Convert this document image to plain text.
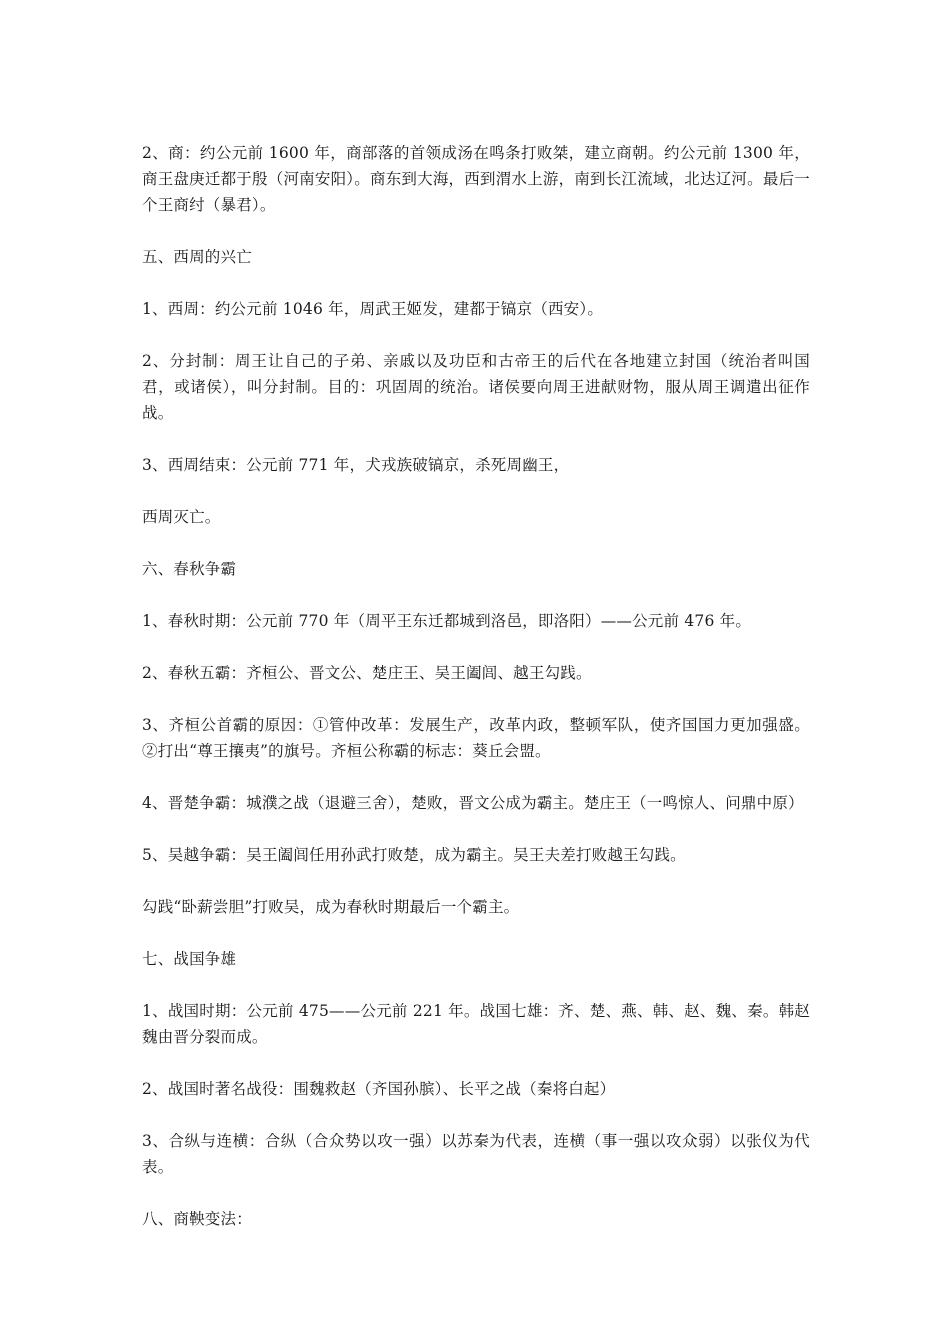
2、商：约公元前 1600 年，商部落的首领成汤在鸣条打败桀，建立商朝。约公元前 1300 年，商王盘庚迁都于殷（河南安阳）。商东到大海，西到渭水上游，南到长江流域，北达辽河。最后一个王商纣（暴君）。

五、西周的兴亡

1、西周：约公元前 1046 年，周武王姬发，建都于镐京（西安）。

2、分封制：周王让自己的子弟、亲戚以及功臣和古帝王的后代在各地建立封国（统治者叫国君，或诸侯），叫分封制。目的：巩固周的统治。诸侯要向周王进献财物，服从周王调遣出征作战。

3、西周结束：公元前 771 年，犬戎族破镐京，杀死周幽王，

西周灭亡。

六、春秋争霸

1、春秋时期：公元前 770 年（周平王东迁都城到洛邑，即洛阳）——公元前 476 年。

2、春秋五霸：齐桓公、晋文公、楚庄王、吴王阖闾、越王勾践。

3、齐桓公首霸的原因：①管仲改革：发展生产，改革内政，整顿军队，使齐国国力更加强盛。②打出“尊王攘夷”的旗号。齐桓公称霸的标志：葵丘会盟。

4、晋楚争霸：城濮之战（退避三舍），楚败，晋文公成为霸主。楚庄王（一鸣惊人、问鼎中原）

5、吴越争霸：吴王阖闾任用孙武打败楚，成为霸主。吴王夫差打败越王勾践。

勾践“卧薪尝胆”打败吴，成为春秋时期最后一个霸主。

七、战国争雄

1、战国时期：公元前 475——公元前 221 年。战国七雄：齐、楚、燕、韩、赵、魏、秦。韩赵魏由晋分裂而成。

2、战国时著名战役：围魏救赵（齐国孙膑）、长平之战（秦将白起）

3、合纵与连横：合纵（合众势以攻一强）以苏秦为代表，连横（事一强以攻众弱）以张仪为代表。

八、商鞅变法：
